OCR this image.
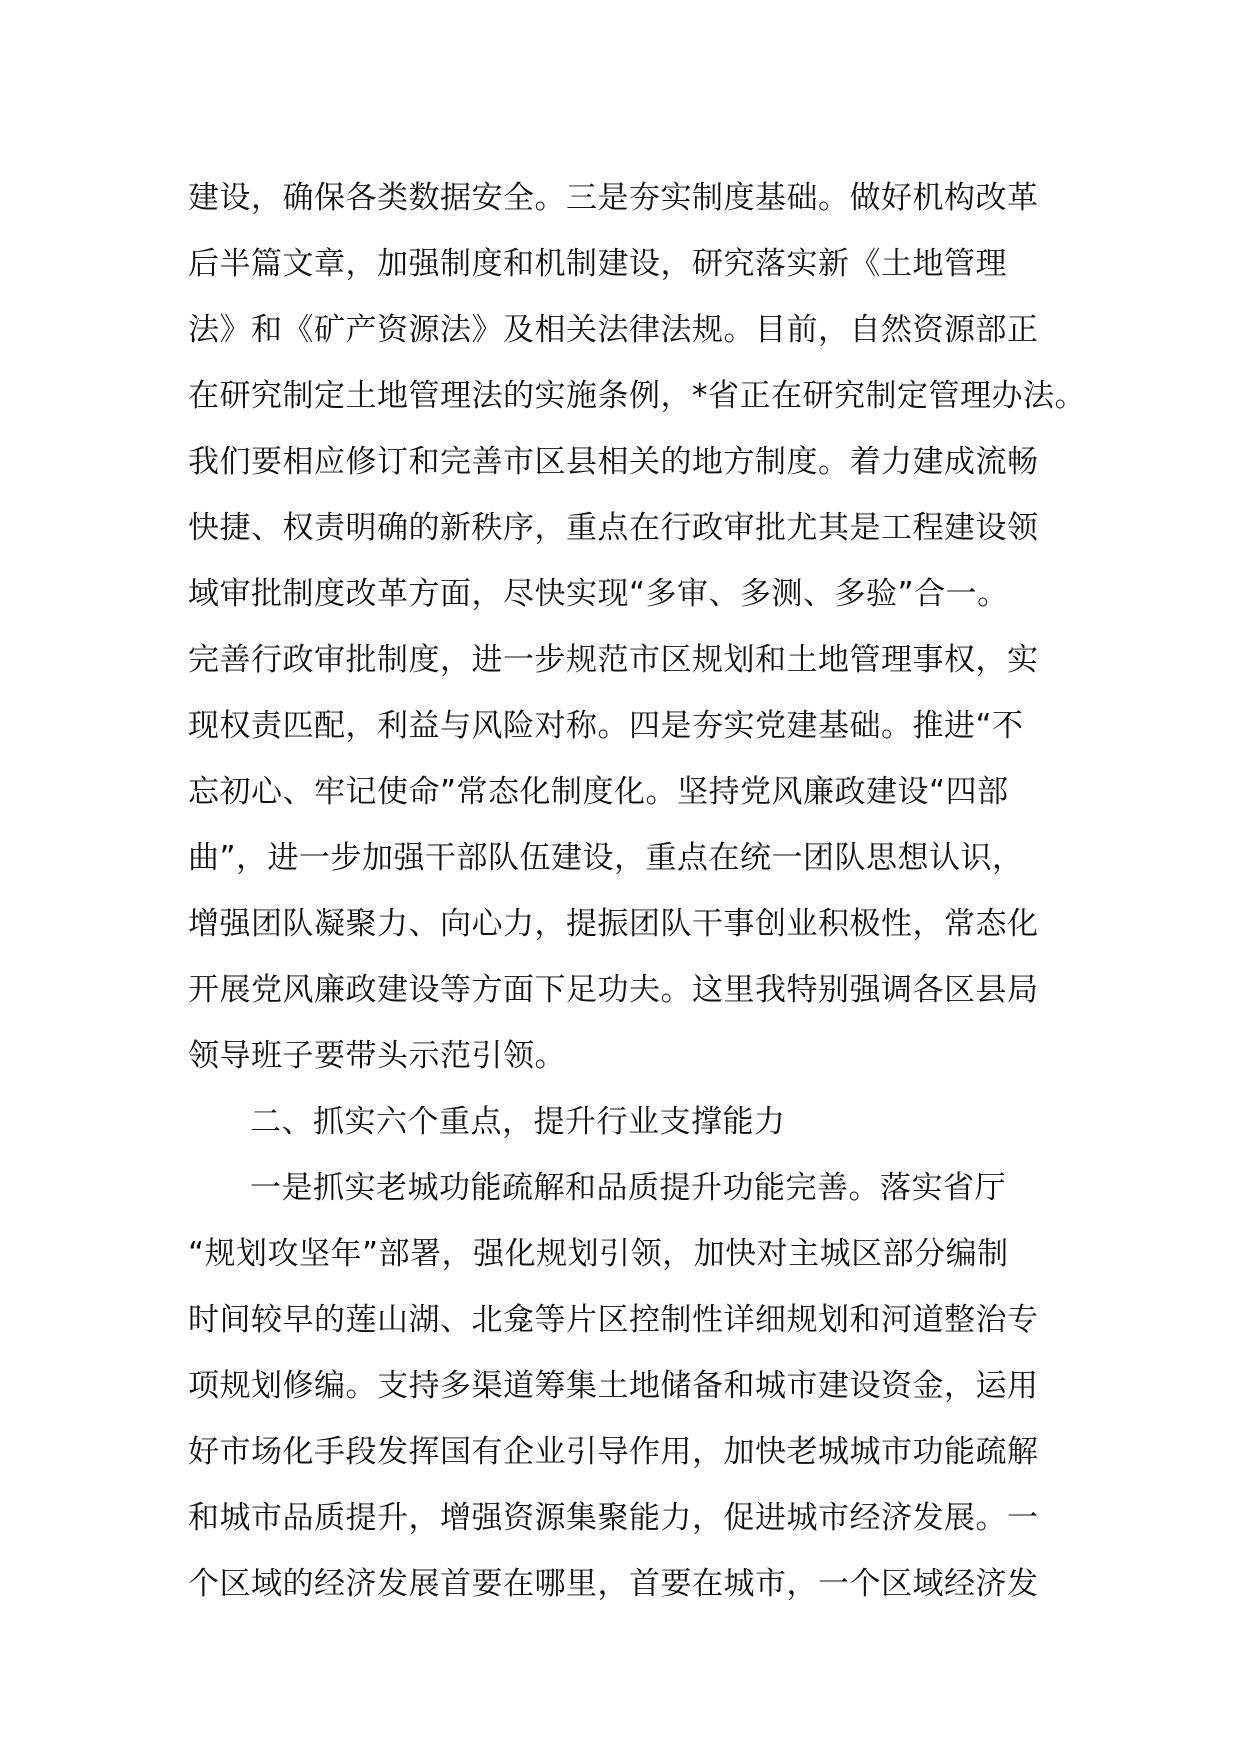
建设，确保各类数据安全。三是夯实制度基础。做好机构改革
后半篇文章，加强制度和机制建设，研究落实新《土地管理
法》和《矿产资源法》及相关法律法规。目前，自然资源部正
在研究制定土地管理法的实施条例，*省正在研究制定管理办法。
我们要相应修订和完善市区县相关的地方制度。着力建成流畅
快捷、权责明确的新秩序，重点在行政审批尤其是工程建设领
域审批制度改革方面，尽快实现“多审、多测、多验”合一。
完善行政审批制度，进一步规范市区规划和土地管理事权，实
现权责匹配，利益与风险对称。四是夯实党建基础。推进“不
忘初心、牢记使命”常态化制度化。坚持党风廉政建设“四部
曲”，进一步加强干部队伍建设，重点在统一团队思想认识，
增强团队凝聚力、向心力，提振团队干事创业积极性，常态化
开展党风廉政建设等方面下足功夫。这里我特别强调各区县局
领导班子要带头示范引领。
二、抓实六个重点，提升行业支撑能力
一是抓实老城功能疏解和品质提升功能完善。落实省厅
“规划攻坚年”部署，强化规划引领，加快对主城区部分编制
时间较早的莲山湖、北龛等片区控制性详细规划和河道整治专
项规划修编。支持多渠道筹集土地储备和城市建设资金，运用
好市场化手段发挥国有企业引导作用，加快老城城市功能疏解
和城市品质提升，增强资源集聚能力，促进城市经济发展。一
个区域的经济发展首要在哪里，首要在城市，一个区域经济发
